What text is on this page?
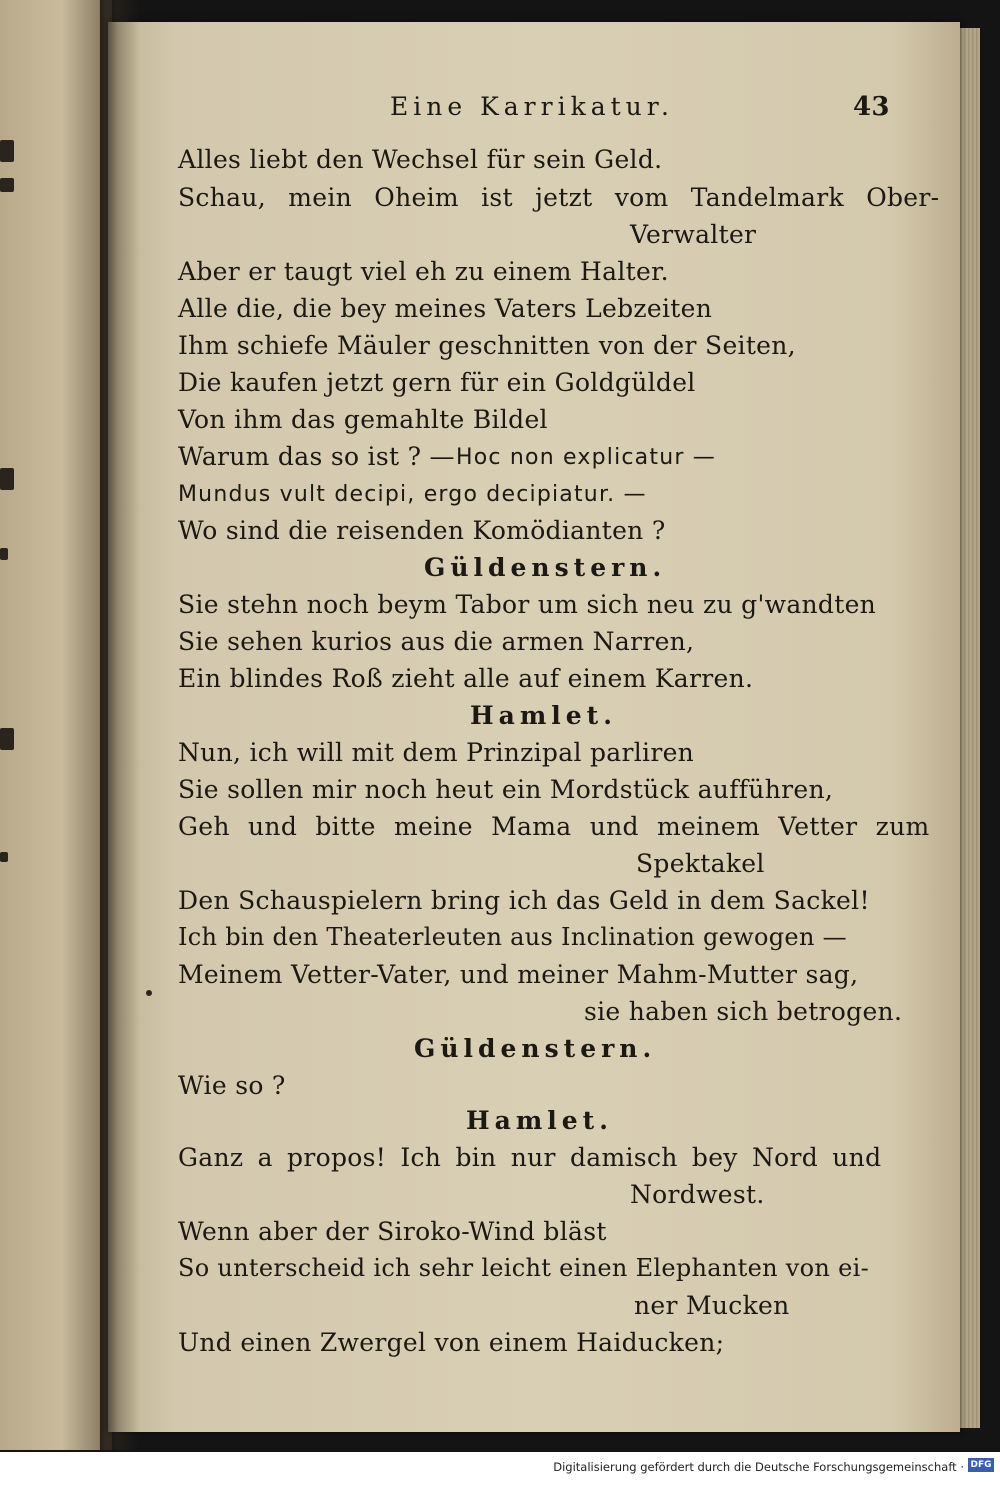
Eine Karrikatur.	43
Alles liebt den Wechsel für sein Geld.
Schau, mein Oheim ist jetzt vom Tandelmark Ober-
Verwalter
Aber er taugt viel eh zu einem Halter.
Alle die, die bey meines Vaters Lebzeiten
Ihm schiefe Mäuler geschnitten von der Seiten,
Die kaufen jetzt gern für ein Goldgüldel
Von ihm das gemahlte Bildel
Warum das so ist ? — Hoc non explicatur —
Mundus vult decipi, ergo decipiatur. —
Wo sind die reisenden Komödianten ?
Güldenstern.
Sie stehn noch beym Tabor um sich neu zu g'wandten
Sie sehen kurios aus die armen Narren,
Ein blindes Roß zieht alle auf einem Karren.
Hamlet.
Nun, ich will mit dem Prinzipal parliren
Sie sollen mir noch heut ein Mordstück aufführen,
Geh und bitte meine Mama und meinem Vetter zum
Spektakel
Den Schauspielern bring ich das Geld in dem Sackel!
Ich bin den Theaterleuten aus Inclination gewogen —
Meinem Vetter-Vater, und meiner Mahm-Mutter sag,
sie haben sich betrogen.
Güldenstern.
Wie so ?
Hamlet.
Ganz a propos! Ich bin nur damisch bey Nord und
Nordwest.
Wenn aber der Siroko-Wind bläst
So unterscheid ich sehr leicht einen Elephanten von ei-
ner Mucken
Und einen Zwergel von einem Haiducken;
Digitalisierung gefördert durch die Deutsche Forschungsgemeinschaft · DFG
